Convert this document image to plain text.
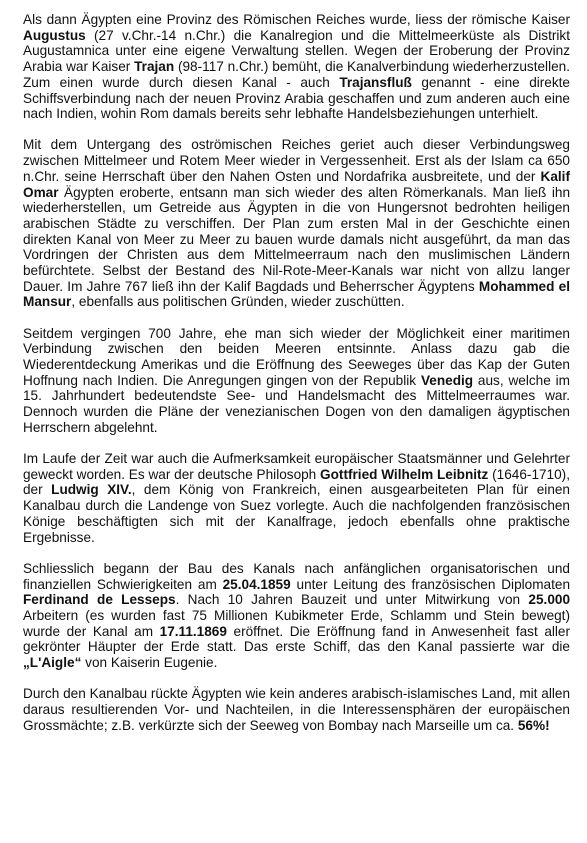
Als dann Ägypten eine Provinz des Römischen Reiches wurde, liess der römische Kaiser Augustus (27 v.Chr.-14 n.Chr.) die Kanalregion und die Mittelmeerküste als Distrikt Augustamnica unter eine eigene Verwaltung stellen. Wegen der Eroberung der Provinz Arabia war Kaiser Trajan (98-117 n.Chr.) bemüht, die Kanalverbindung wiederherzustellen. Zum einen wurde durch diesen Kanal - auch Trajansfluß genannt - eine direkte Schiffsverbindung nach der neuen Provinz Arabia geschaffen und zum anderen auch eine nach Indien, wohin Rom damals bereits sehr lebhafte Handelsbeziehungen unterhielt.

Mit dem Untergang des oströmischen Reiches geriet auch dieser Verbindungsweg zwischen Mittelmeer und Rotem Meer wieder in Vergessenheit. Erst als der Islam ca 650 n.Chr. seine Herrschaft über den Nahen Osten und Nordafrika ausbreitete, und der Kalif Omar Ägypten eroberte, entsann man sich wieder des alten Römerkanals. Man ließ ihn wiederherstellen, um Getreide aus Ägypten in die von Hungersnot bedrohten heiligen arabischen Städte zu verschiffen. Der Plan zum ersten Mal in der Geschichte einen direkten Kanal von Meer zu Meer zu bauen wurde damals nicht ausgeführt, da man das Vordringen der Christen aus dem Mittelmeerraum nach den muslimischen Ländern befürchtete. Selbst der Bestand des Nil-Rote-Meer-Kanals war nicht von allzu langer Dauer. Im Jahre 767 ließ ihn der Kalif Bagdads und Beherrscher Ägyptens Mohammed el Mansur, ebenfalls aus politischen Gründen, wieder zuschütten.

Seitdem vergingen 700 Jahre, ehe man sich wieder der Möglichkeit einer maritimen Verbindung zwischen den beiden Meeren entsinnte. Anlass dazu gab die Wiederentdeckung Amerikas und die Eröffnung des Seeweges über das Kap der Guten Hoffnung nach Indien. Die Anregungen gingen von der Republik Venedig aus, welche im 15. Jahrhundert bedeutendste See- und Handelsmacht des Mittelmeerraumes war. Dennoch wurden die Pläne der venezianischen Dogen von den damaligen ägyptischen Herrschern abgelehnt.

Im Laufe der Zeit war auch die Aufmerksamkeit europäischer Staatsmänner und Gelehrter geweckt worden. Es war der deutsche Philosoph Gottfried Wilhelm Leibnitz (1646-1710), der Ludwig XIV., dem König von Frankreich, einen ausgearbeiteten Plan für einen Kanalbau durch die Landenge von Suez vorlegte. Auch die nachfolgenden französischen Könige beschäftigten sich mit der Kanalfrage, jedoch ebenfalls ohne praktische Ergebnisse.

Schliesslich begann der Bau des Kanals nach anfänglichen organisatorischen und finanziellen Schwierigkeiten am 25.04.1859 unter Leitung des französischen Diplomaten Ferdinand de Lesseps. Nach 10 Jahren Bauzeit und unter Mitwirkung von 25.000 Arbeitern (es wurden fast 75 Millionen Kubikmeter Erde, Schlamm und Stein bewegt) wurde der Kanal am 17.11.1869 eröffnet. Die Eröffnung fand in Anwesenheit fast aller gekrönter Häupter der Erde statt. Das erste Schiff, das den Kanal passierte war die „L'Aigle“ von Kaiserin Eugenie.

Durch den Kanalbau rückte Ägypten wie kein anderes arabisch-islamisches Land, mit allen daraus resultierenden Vor- und Nachteilen, in die Interessensphären der europäischen Grossmächte; z.B. verkürzte sich der Seeweg von Bombay nach Marseille um ca. 56%!
